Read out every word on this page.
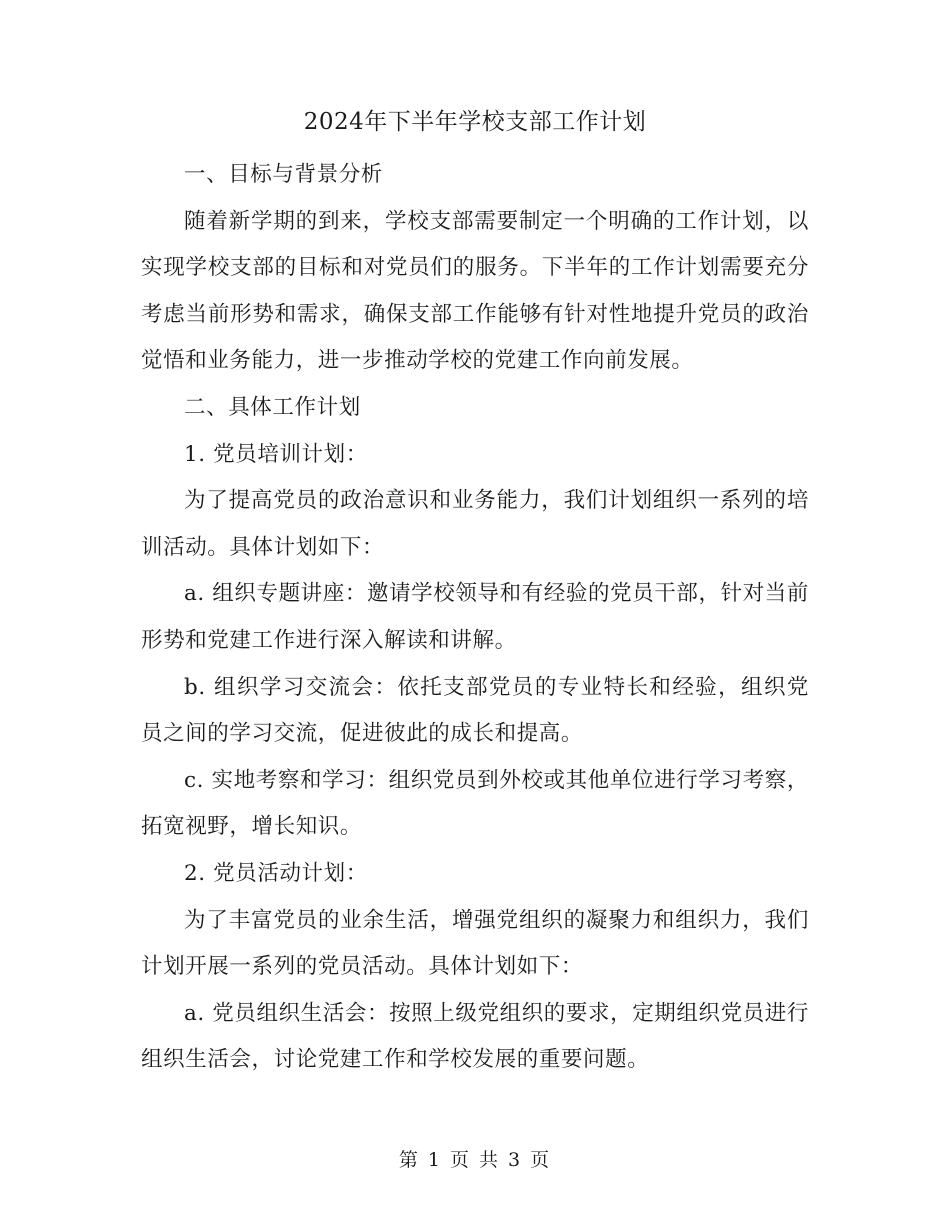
2024年下半年学校支部工作计划

一、目标与背景分析

随着新学期的到来，学校支部需要制定一个明确的工作计划，以实现学校支部的目标和对党员们的服务。下半年的工作计划需要充分考虑当前形势和需求，确保支部工作能够有针对性地提升党员的政治觉悟和业务能力，进一步推动学校的党建工作向前发展。

二、具体工作计划

1. 党员培训计划：

为了提高党员的政治意识和业务能力，我们计划组织一系列的培训活动。具体计划如下：

a. 组织专题讲座：邀请学校领导和有经验的党员干部，针对当前形势和党建工作进行深入解读和讲解。

b. 组织学习交流会：依托支部党员的专业特长和经验，组织党员之间的学习交流，促进彼此的成长和提高。

c. 实地考察和学习：组织党员到外校或其他单位进行学习考察，拓宽视野，增长知识。

2. 党员活动计划：

为了丰富党员的业余生活，增强党组织的凝聚力和组织力，我们计划开展一系列的党员活动。具体计划如下：

a. 党员组织生活会：按照上级党组织的要求，定期组织党员进行组织生活会，讨论党建工作和学校发展的重要问题。

第 1 页 共 3 页
